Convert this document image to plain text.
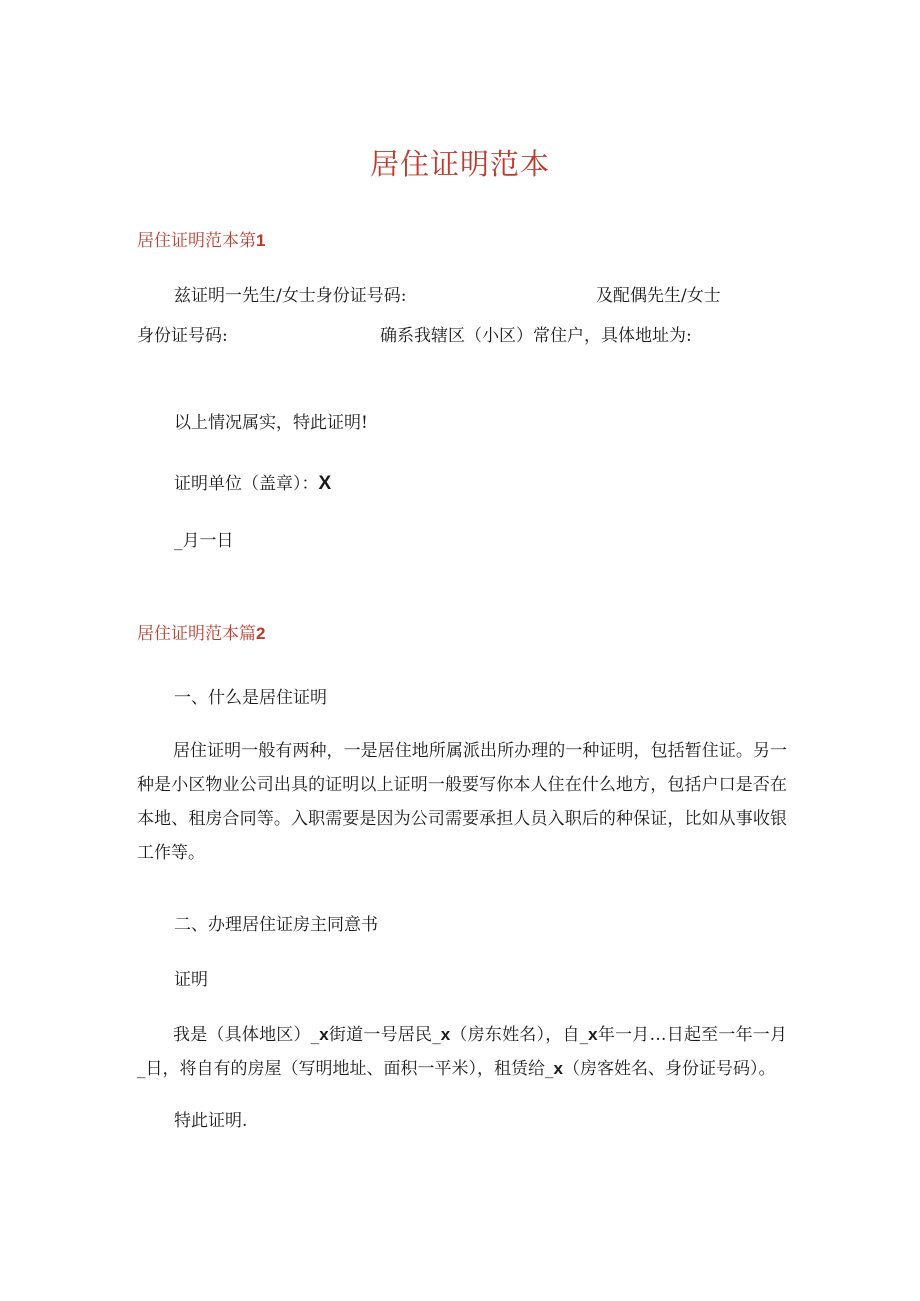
居住证明范本
居住证明范本第1
兹证明一先生/女士身份证号码:	及配偶先生/女士
身份证号码:	确系我辖区（小区）常住户，具体地址为:
以上情况属实，特此证明!
证明单位（盖章）：X
_月一日
居住证明范本篇2
一、什么是居住证明
居住证明一般有两种，一是居住地所属派出所办理的一种证明，包括暂住证。另一种是小区物业公司出具的证明以上证明一般要写你本人住在什么地方，包括户口是否在本地、租房合同等。入职需要是因为公司需要承担人员入职后的种保证，比如从事收银工作等。
二、办理居住证房主同意书
证明
我是（具体地区）_x街道一号居民_x（房东姓名），自_x年一月…日起至一年一月_日，将自有的房屋（写明地址、面积一平米），租赁给_x（房客姓名、身份证号码）。
特此证明.
